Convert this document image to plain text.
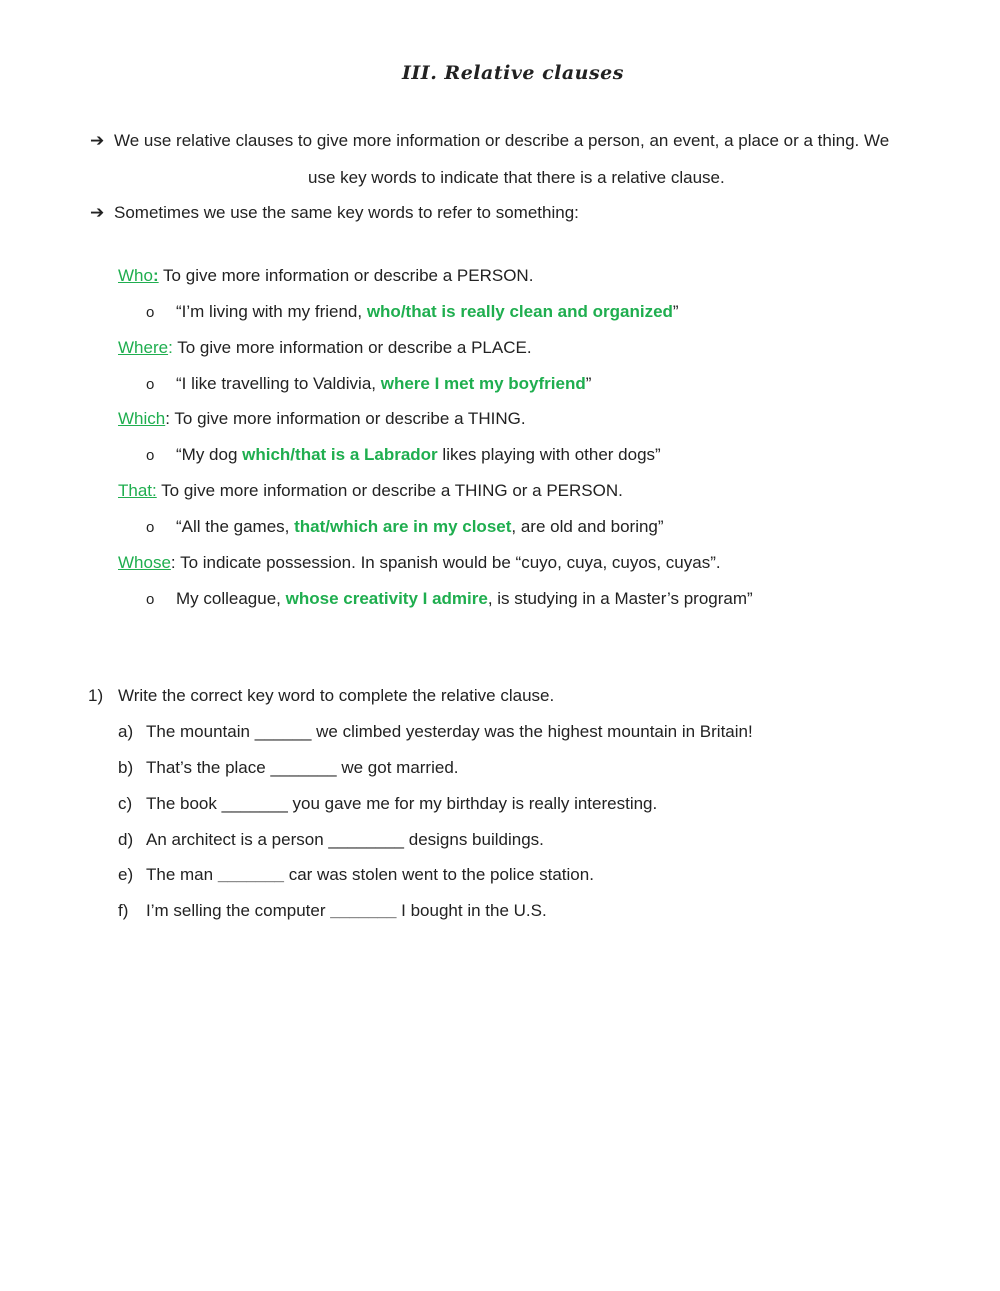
III. Relative clauses
➔ We use relative clauses to give more information or describe a person, an event, a place or a thing. We
use key words to indicate that there is a relative clause.
➔ Sometimes we use the same key words to refer to something:
Who: To give more information or describe a PERSON.
o “I’m living with my friend, who/that is really clean and organized”
Where: To give more information or describe a PLACE.
o “I like travelling to Valdivia, where I met my boyfriend”
Which: To give more information or describe a THING.
o “My dog which/that is a Labrador likes playing with other dogs”
That: To give more information or describe a THING or a PERSON.
o “All the games, that/which are in my closet, are old and boring”
Whose: To indicate possession. In spanish would be “cuyo, cuya, cuyos, cuyas”.
o My colleague, whose creativity I admire, is studying in a Master’s program”
1) Write the correct key word to complete the relative clause.
a) The mountain ______ we climbed yesterday was the highest mountain in Britain!
b) That’s the place _______ we got married.
c) The book _______ you gave me for my birthday is really interesting.
d) An architect is a person ________ designs buildings.
e) The man _______ car was stolen went to the police station.
f) I’m selling the computer _______ I bought in the U.S.
